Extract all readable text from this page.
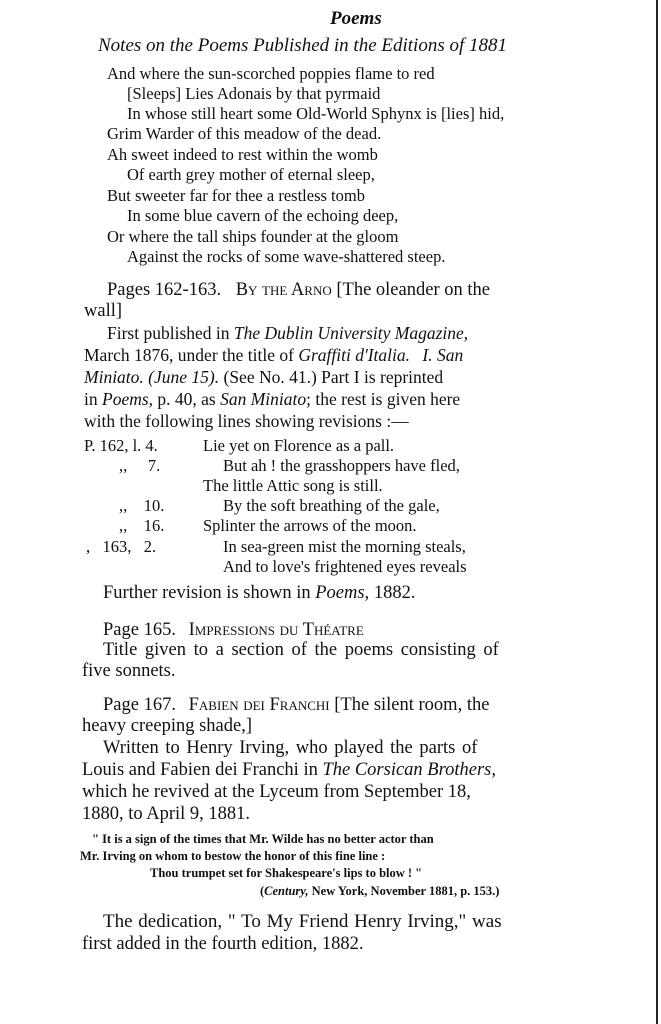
Poems
Notes on the Poems Published in the Editions of 1881
And where the sun-scorched poppies flame to red
[Sleeps] Lies Adonais by that pyrmaid
In whose still heart some Old-World Sphynx is [lies] hid,
Grim Warder of this meadow of the dead.
Ah sweet indeed to rest within the womb
Of earth grey mother of eternal sleep,
But sweeter far for thee a restless tomb
In some blue cavern of the echoing deep,
Or where the tall ships founder at the gloom
Against the rocks of some wave-shattered steep.
Pages 162-163. By the Arno [The oleander on the
wall]
First published in The Dublin University Magazine,
March 1876, under the title of Graffiti d'Italia. I. San
Miniato. (June 15). (See No. 41.) Part I is reprinted
in Poems, p. 40, as San Miniato; the rest is given here
with the following lines showing revisions :—
P. 162, l. 4.	Lie yet on Florence as a pall.
,,     7.	But ah ! the grasshoppers have fled,
The little Attic song is still.
,,    10.	By the soft breathing of the gale,
,,    16. Splinter the arrows of the moon.
,   163,   2.	In sea-green mist the morning steals,
And to love's frightened eyes reveals
Further revision is shown in Poems, 1882.
Page 165. Impressions du Théatre
Title given to a section of the poems consisting of
five sonnets.
Page 167. Fabien dei Franchi [The silent room, the
heavy creeping shade,]
Written to Henry Irving, who played the parts of
Louis and Fabien dei Franchi in The Corsican Brothers,
which he revived at the Lyceum from September 18,
1880, to April 9, 1881.
" It is a sign of the times that Mr. Wilde has no better actor than
Mr. Irving on whom to bestow the honor of this fine line :
Thou trumpet set for Shakespeare's lips to blow ! "
(Century, New York, November 1881, p. 153.)
The dedication, " To My Friend Henry Irving," was
first added in the fourth edition, 1882.
